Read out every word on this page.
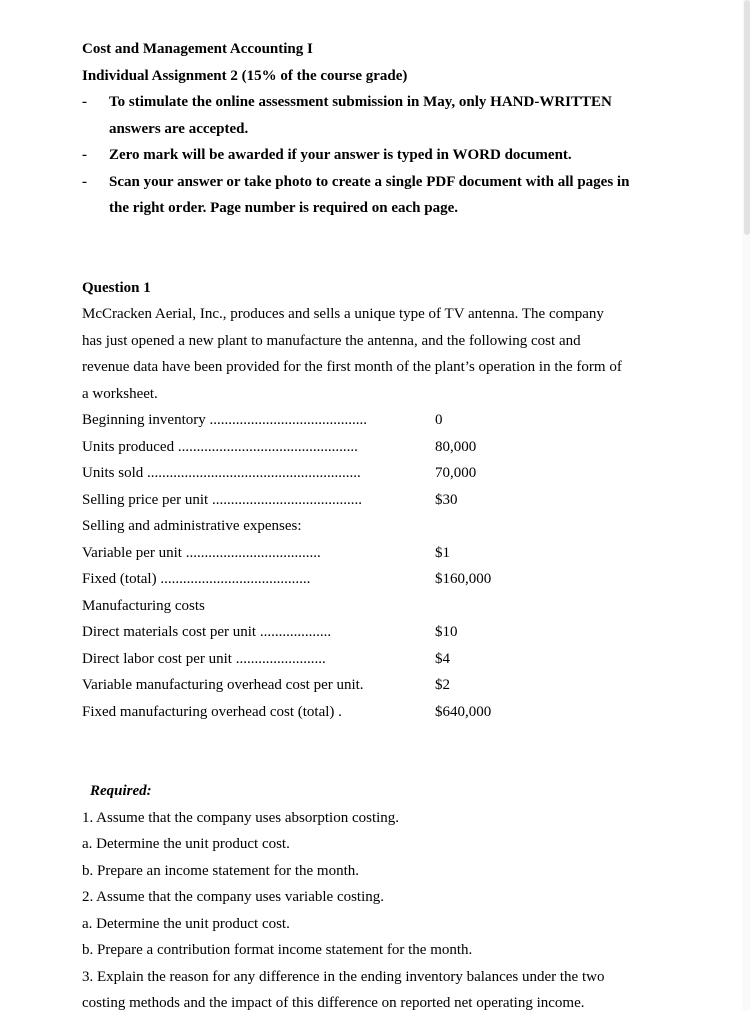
Cost and Management Accounting I
Individual Assignment 2 (15% of the course grade)
- To stimulate the online assessment submission in May, only HAND-WRITTEN
answers are accepted.
- Zero mark will be awarded if your answer is typed in WORD document.
- Scan your answer or take photo to create a single PDF document with all pages in
the right order. Page number is required on each page.
Question 1
McCracken Aerial, Inc., produces and sells a unique type of TV antenna. The company
has just opened a new plant to manufacture the antenna, and the following cost and
revenue data have been provided for the first month of the plant’s operation in the form of
a worksheet.
Beginning inventory ..........................................	0
Units produced ................................................	80,000
Units sold .........................................................	70,000
Selling price per unit ........................................	$30
Selling and administrative expenses:
Variable per unit ....................................	$1
Fixed (total) ........................................	$160,000
Manufacturing costs
Direct materials cost per unit ...................	$10
Direct labor cost per unit ........................	$4
Variable manufacturing overhead cost per unit.	$2
Fixed manufacturing overhead cost (total) .	$640,000
Required:
1. Assume that the company uses absorption costing.
a. Determine the unit product cost.
b. Prepare an income statement for the month.
2. Assume that the company uses variable costing.
a. Determine the unit product cost.
b. Prepare a contribution format income statement for the month.
3. Explain the reason for any difference in the ending inventory balances under the two
costing methods and the impact of this difference on reported net operating income.
